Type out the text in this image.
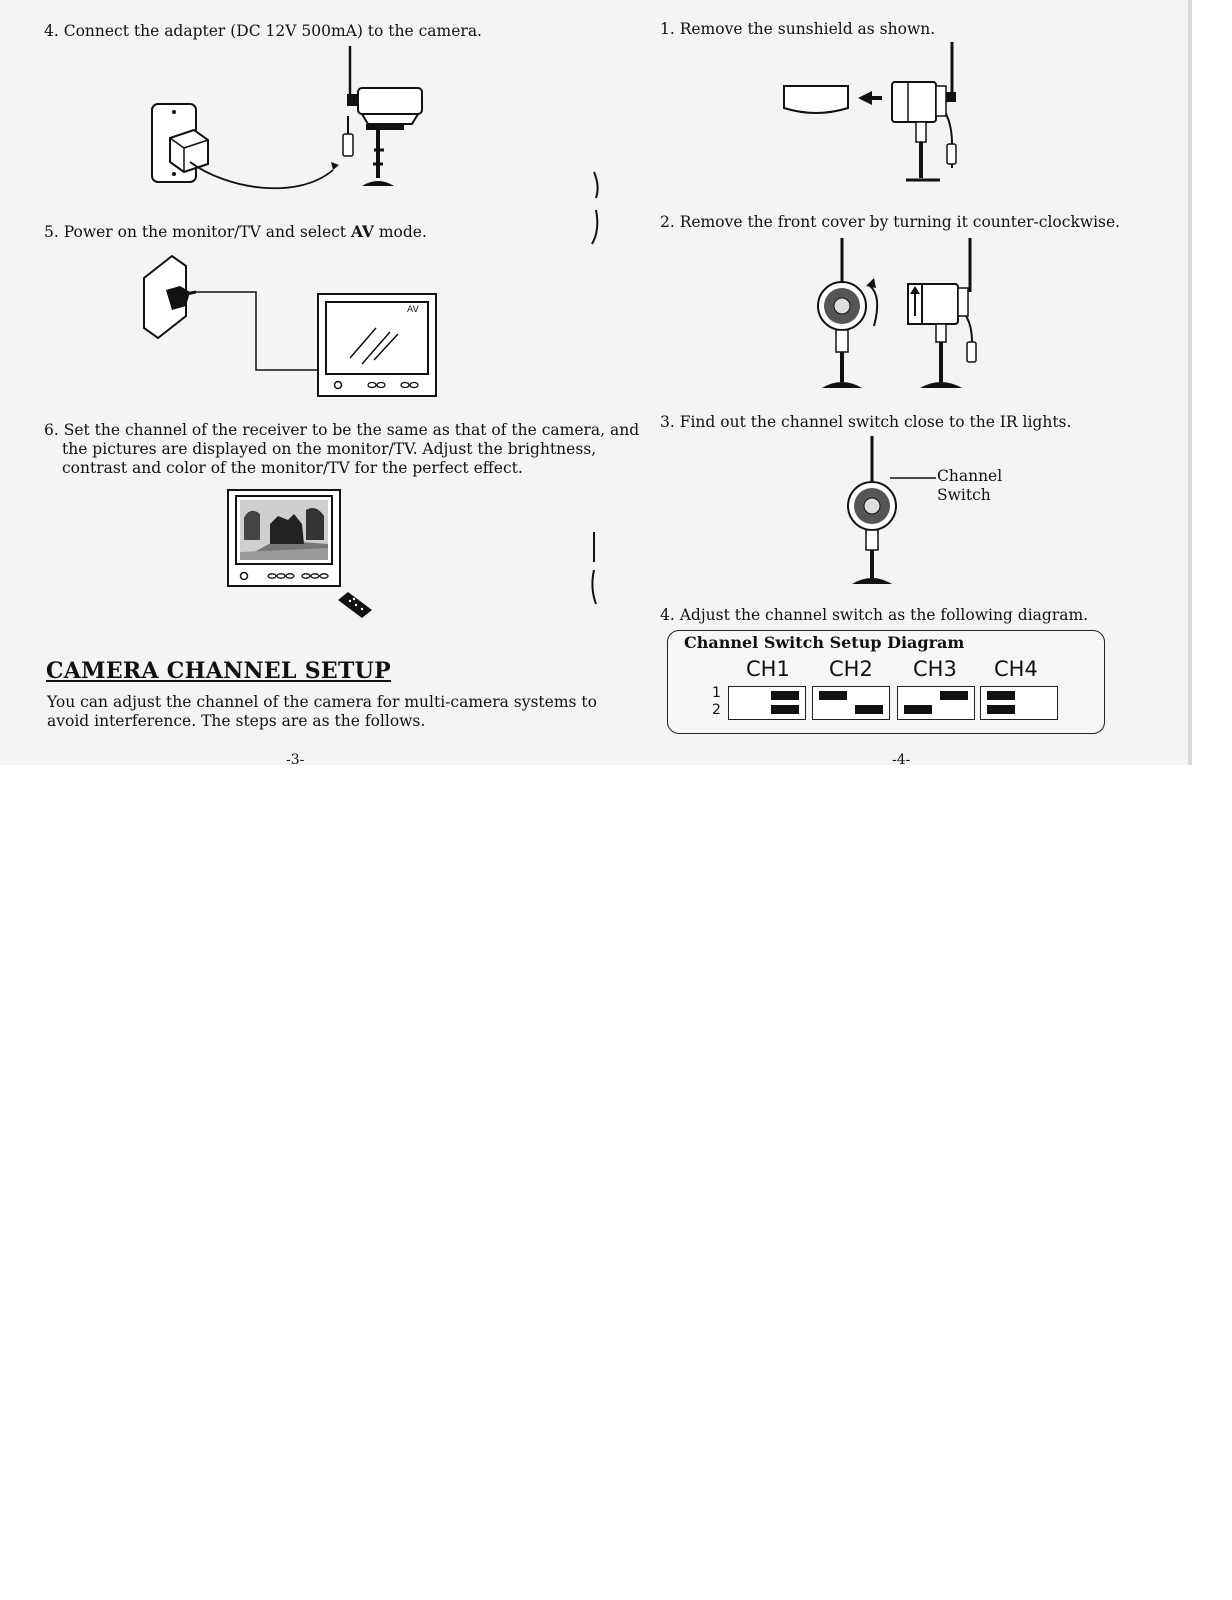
4. Connect the adapter (DC 12V 500mA) to the camera.
5. Power on the monitor/TV and select AV mode.
AV
6. Set the channel of the receiver to be the same as that of the camera, and
the pictures are displayed on the monitor/TV. Adjust the brightness,
contrast and color of the monitor/TV for the perfect effect.
CAMERA CHANNEL SETUP
You can adjust the channel of the camera for multi-camera systems to
avoid interference. The steps are as the follows.
-3-
1. Remove the sunshield as shown.
2. Remove the front cover by turning it counter-clockwise.
3. Find out the channel switch close to the IR lights.
Channel
Switch
4. Adjust the channel switch as the following diagram.
Channel Switch Setup Diagram
CH1 CH2 CH3 CH4
1
2
-4-
